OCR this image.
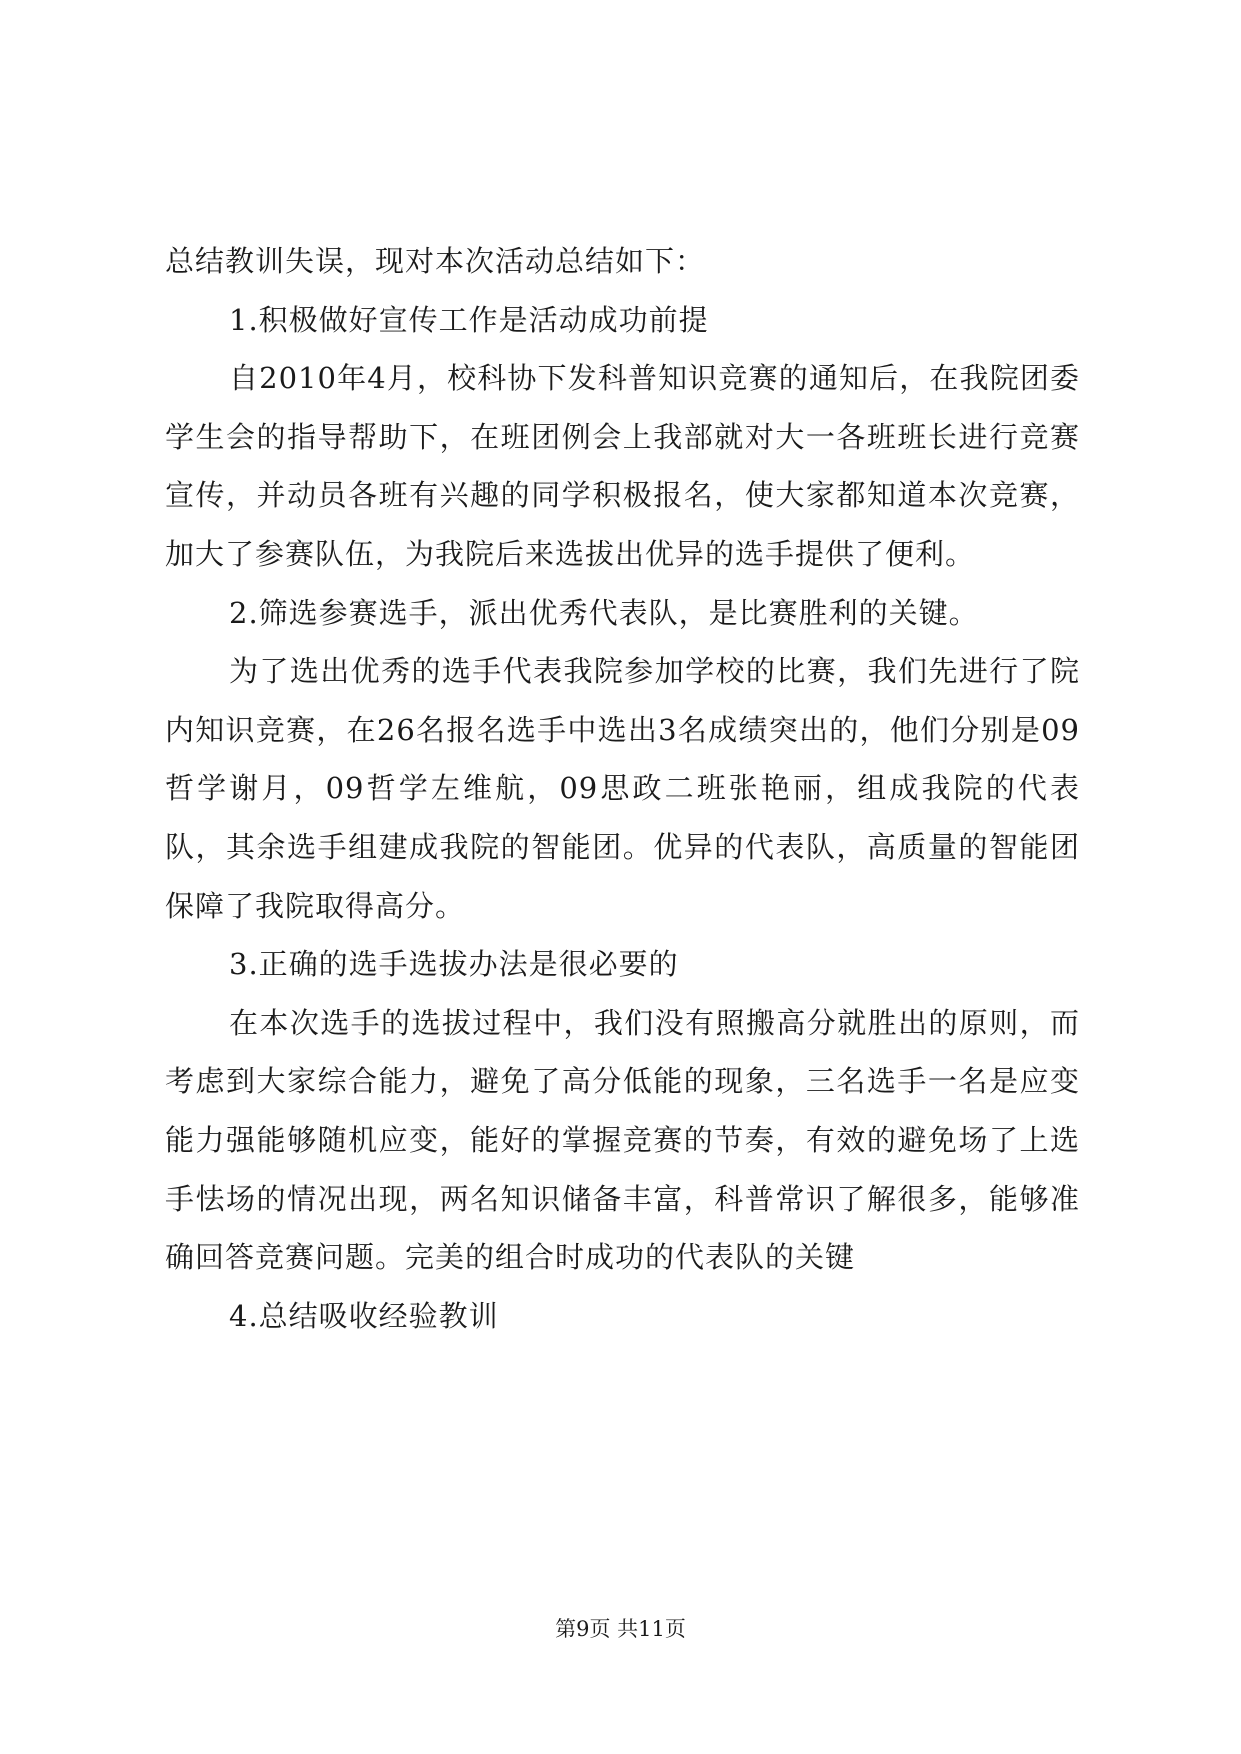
总结教训失误，现对本次活动总结如下：

1.积极做好宣传工作是活动成功前提

自2010年4月，校科协下发科普知识竞赛的通知后，在我院团委学生会的指导帮助下，在班团例会上我部就对大一各班班长进行竞赛宣传，并动员各班有兴趣的同学积极报名，使大家都知道本次竞赛，加大了参赛队伍，为我院后来选拔出优异的选手提供了便利。

2.筛选参赛选手，派出优秀代表队，是比赛胜利的关键。

为了选出优秀的选手代表我院参加学校的比赛，我们先进行了院内知识竞赛，在26名报名选手中选出3名成绩突出的，他们分别是09哲学谢月，09哲学左维航，09思政二班张艳丽，组成我院的代表队，其余选手组建成我院的智能团。优异的代表队，高质量的智能团保障了我院取得高分。

3.正确的选手选拔办法是很必要的

在本次选手的选拔过程中，我们没有照搬高分就胜出的原则，而考虑到大家综合能力，避免了高分低能的现象，三名选手一名是应变能力强能够随机应变，能好的掌握竞赛的节奏，有效的避免场了上选手怯场的情况出现，两名知识储备丰富，科普常识了解很多，能够准确回答竞赛问题。完美的组合时成功的代表队的关键

4.总结吸收经验教训

第9页 共11页
